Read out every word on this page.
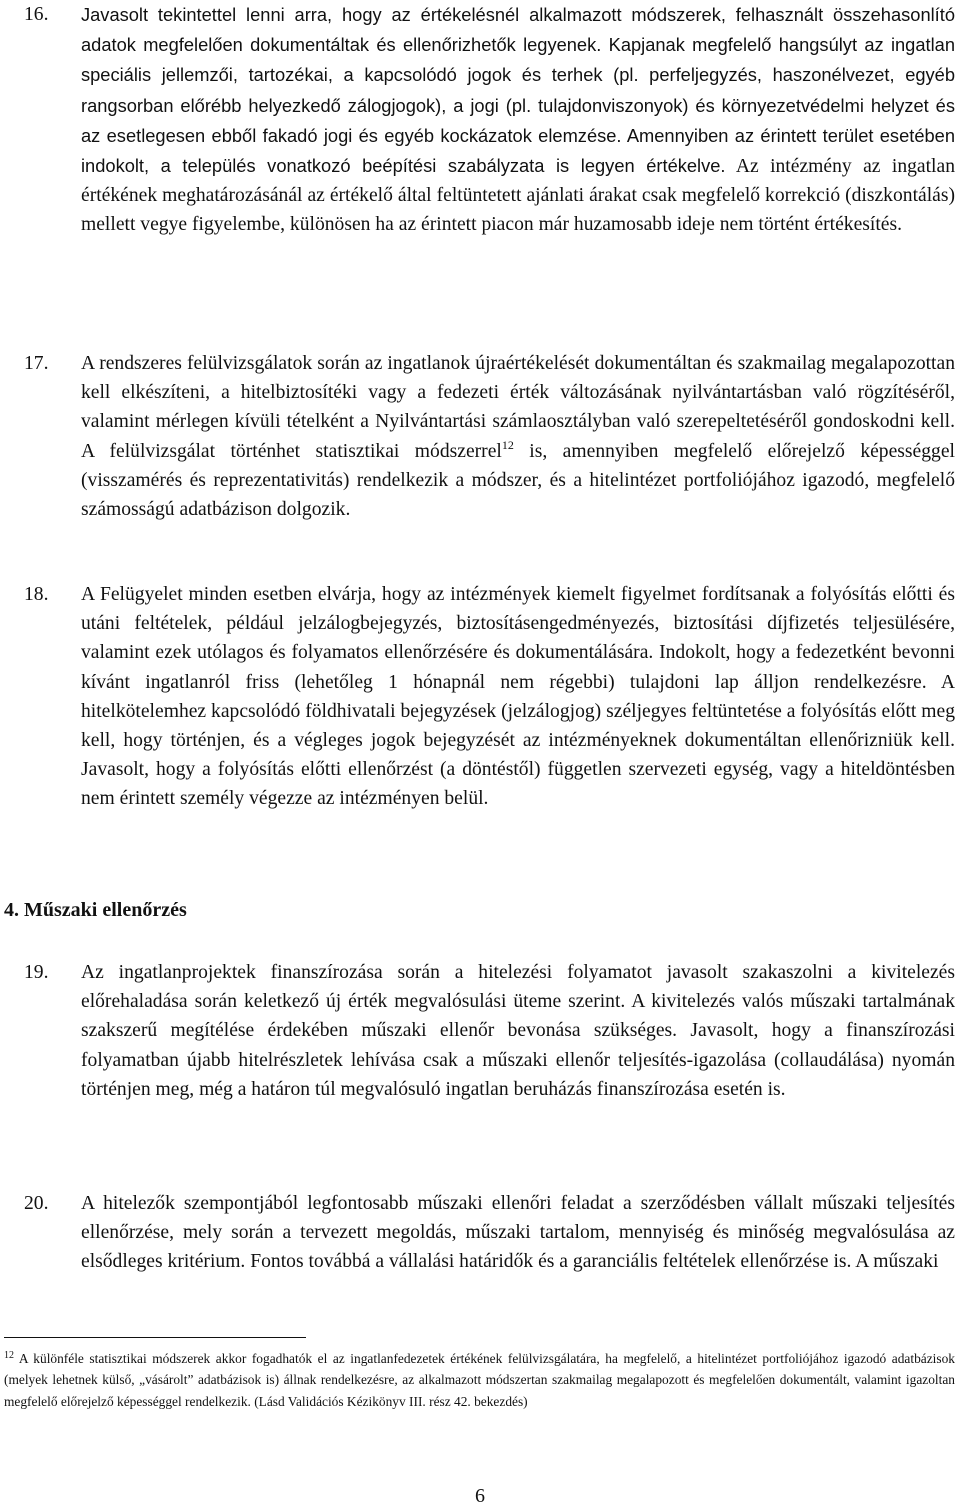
16.	Javasolt tekintettel lenni arra, hogy az értékelésnél alkalmazott módszerek, felhasznált összehasonlító adatok megfelelően dokumentáltak és ellenőrizhetők legyenek. Kapjanak megfelelő hangsúlyt az ingatlan speciális jellemzői, tartozékai, a kapcsolódó jogok és terhek (pl. perfeljegyzés, haszonélvezet, egyéb rangsorban előrébb helyezkedő zálogjogok), a jogi (pl. tulajdonviszonyok) és környezetvédelmi helyzet és az esetlegesen ebből fakadó jogi és egyéb kockázatok elemzése. Amennyiben az érintett terület esetében indokolt, a település vonatkozó beépítési szabályzata is legyen értékelve. Az intézmény az ingatlan értékének meghatározásánál az értékelő által feltüntetett ajánlati árakat csak megfelelő korrekció (diszkontálás) mellett vegye figyelembe, különösen ha az érintett piacon már huzamosabb ideje nem történt értékesítés.
17.	A rendszeres felülvizsgálatok során az ingatlanok újraértékelését dokumentáltan és szakmailag megalapozottan kell elkészíteni, a hitelbiztosítéki vagy a fedezeti érték változásának nyilvántartásban való rögzítéséről, valamint mérlegen kívüli tételként a Nyilvántartási számlaosztályban való szerepeltetéséről gondoskodni kell. A felülvizsgálat történhet statisztikai módszerrel$^{12}$ is, amennyiben megfelelő előrejelző képességgel (visszamérés és reprezentativitás) rendelkezik a módszer, és a hitelintézet portfoliójához igazodó, megfelelő számosságú adatbázison dolgozik.
18.	A Felügyelet minden esetben elvárja, hogy az intézmények kiemelt figyelmet fordítsanak a folyósítás előtti és utáni feltételek, például jelzálogbejegyzés, biztosításengedményezés, biztosítási díjfizetés teljesülésére, valamint ezek utólagos és folyamatos ellenőrzésére és dokumentálására. Indokolt, hogy a fedezetként bevonni kívánt ingatlanról friss (lehetőleg 1 hónapnál nem régebbi) tulajdoni lap álljon rendelkezésre. A hitelkötelemhez kapcsolódó földhivatali bejegyzések (jelzálogjog) széljegyes feltüntetése a folyósítás előtt meg kell, hogy történjen, és a végleges jogok bejegyzését az intézményeknek dokumentáltan ellenőrizniük kell. Javasolt, hogy a folyósítás előtti ellenőrzést (a döntéstől) független szervezeti egység, vagy a hiteldöntésben nem érintett személy végezze az intézményen belül.
4. Műszaki ellenőrzés
19.	Az ingatlanprojektek finanszírozása során a hitelezési folyamatot javasolt szakaszolni a kivitelezés előrehaladása során keletkező új érték megvalósulási üteme szerint. A kivitelezés valós műszaki tartalmának szakszerű megítélése érdekében műszaki ellenőr bevonása szükséges. Javasolt, hogy a finanszírozási folyamatban újabb hitelrészletek lehívása csak a műszaki ellenőr teljesítés-igazolása (collaudálása) nyomán történjen meg, még a határon túl megvalósuló ingatlan beruházás finanszírozása esetén is.
20.	A hitelezők szempontjából legfontosabb műszaki ellenőri feladat a szerződésben vállalt műszaki teljesítés ellenőrzése, mely során a tervezett megoldás, műszaki tartalom, mennyiség és minőség megvalósulása az elsődleges kritérium. Fontos továbbá a vállalási határidők és a garanciális feltételek ellenőrzése is. A műszaki
$^{12}$ A különféle statisztikai módszerek akkor fogadhatók el az ingatlanfedezetek értékének felülvizsgálatára, ha megfelelő, a hitelintézet portfoliójához igazodó adatbázisok (melyek lehetnek külső, „vásárolt” adatbázisok is) állnak rendelkezésre, az alkalmazott módszertan szakmailag megalapozott és megfelelően dokumentált, valamint igazoltan megfelelő előrejelző képességgel rendelkezik. (Lásd Validációs Kézikönyv III. rész 42. bekezdés)
6
